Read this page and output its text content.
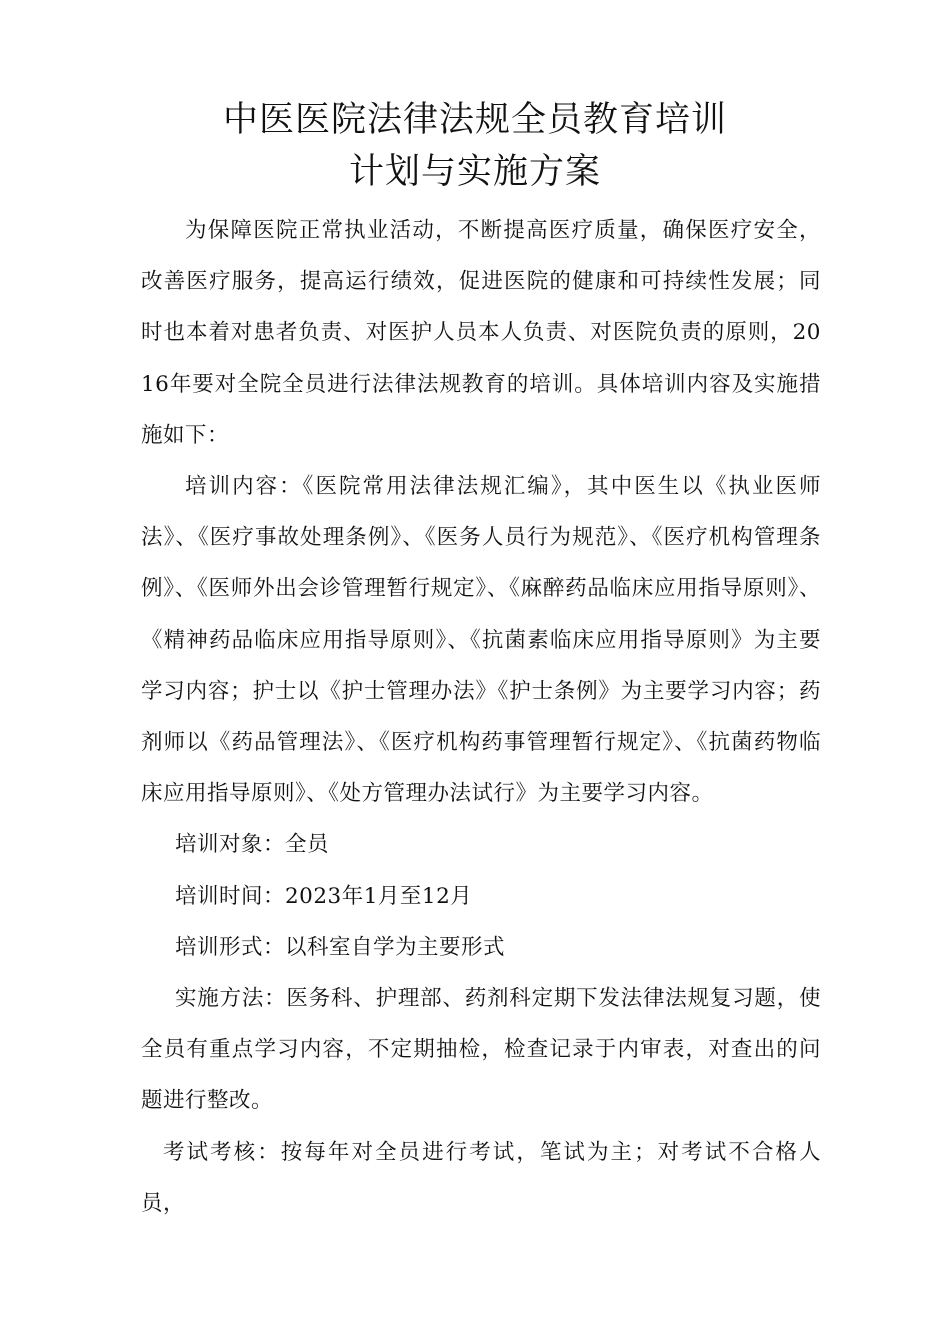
中医医院法律法规全员教育培训
计划与实施方案

为保障医院正常执业活动，不断提高医疗质量，确保医疗安全，改善医疗服务，提高运行绩效，促进医院的健康和可持续性发展；同时也本着对患者负责、对医护人员本人负责、对医院负责的原则，2016年要对全院全员进行法律法规教育的培训。具体培训内容及实施措施如下：

培训内容：《医院常用法律法规汇编》，其中医生以《执业医师法》、《医疗事故处理条例》、《医务人员行为规范》、《医疗机构管理条例》、《医师外出会诊管理暂行规定》、《麻醉药品临床应用指导原则》、《精神药品临床应用指导原则》、《抗菌素临床应用指导原则》为主要学习内容；护士以《护士管理办法》《护士条例》为主要学习内容；药剂师以《药品管理法》、《医疗机构药事管理暂行规定》、《抗菌药物临床应用指导原则》、《处方管理办法试行》为主要学习内容。

培训对象：全员

培训时间：2023年1月至12月

培训形式：以科室自学为主要形式

实施方法：医务科、护理部、药剂科定期下发法律法规复习题，使全员有重点学习内容，不定期抽检，检查记录于内审表，对查出的问题进行整改。

考试考核：按每年对全员进行考试，笔试为主；对考试不合格人员，
